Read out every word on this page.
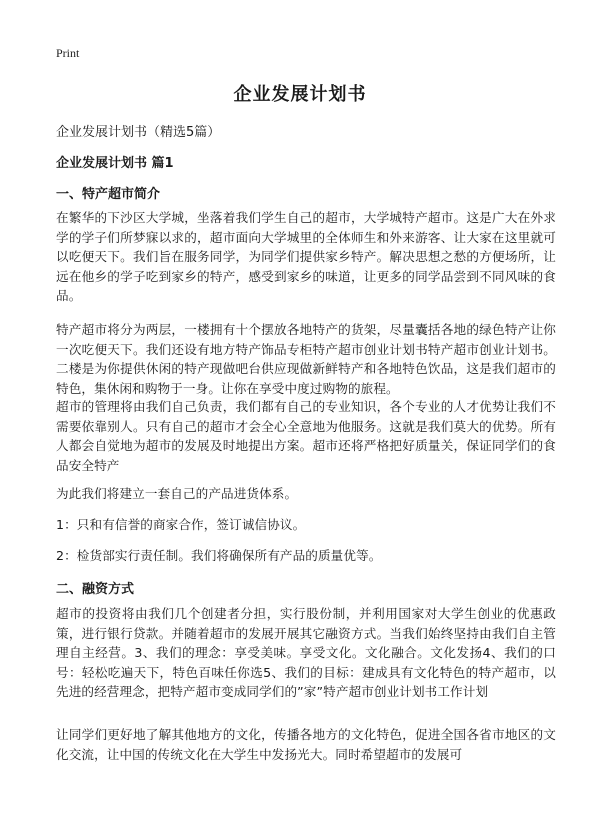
Print
企业发展计划书
企业发展计划书（精选5篇）
企业发展计划书 篇1
一、特产超市简介
在繁华的下沙区大学城，坐落着我们学生自己的超市，大学城特产超市。这是广大在外求学的学子们所梦寐以求的，超市面向大学城里的全体师生和外来游客、让大家在这里就可以吃便天下。我们旨在服务同学，为同学们提供家乡特产。解决思想之愁的方便场所，让远在他乡的学子吃到家乡的特产，感受到家乡的味道，让更多的同学品尝到不同风味的食品。
特产超市将分为两层，一楼拥有十个摆放各地特产的货架，尽量囊括各地的绿色特产让你一次吃便天下。我们还设有地方特产饰品专柜特产超市创业计划书特产超市创业计划书。二楼是为你提供休闲的特产现做吧台供应现做新鲜特产和各地特色饮品，这是我们超市的特色，集休闲和购物于一身。让你在享受中度过购物的旅程。
超市的管理将由我们自己负责，我们都有自己的专业知识，各个专业的人才优势让我们不需要依靠别人。只有自己的超市才会全心全意地为他服务。这就是我们莫大的优势。所有人都会自觉地为超市的发展及时地提出方案。超市还将严格把好质量关，保证同学们的食品安全特产
为此我们将建立一套自己的产品进货体系。
1：只和有信誉的商家合作，签订诚信协议。
2：检货部实行责任制。我们将确保所有产品的质量优等。
二、融资方式
超市的投资将由我们几个创建者分担，实行股份制，并利用国家对大学生创业的优惠政策，进行银行贷款。并随着超市的发展开展其它融资方式。当我们始终坚持由我们自主管理自主经营。3、我们的理念：享受美味。享受文化。文化融合。文化发扬4、我们的口号：轻松吃遍天下，特色百味任你选5、我们的目标：建成具有文化特色的特产超市，以先进的经营理念，把特产超市变成同学们的”家”特产超市创业计划书工作计划
让同学们更好地了解其他地方的文化，传播各地方的文化特色，促进全国各省市地区的文化交流，让中国的传统文化在大学生中发扬光大。同时希望超市的发展可
